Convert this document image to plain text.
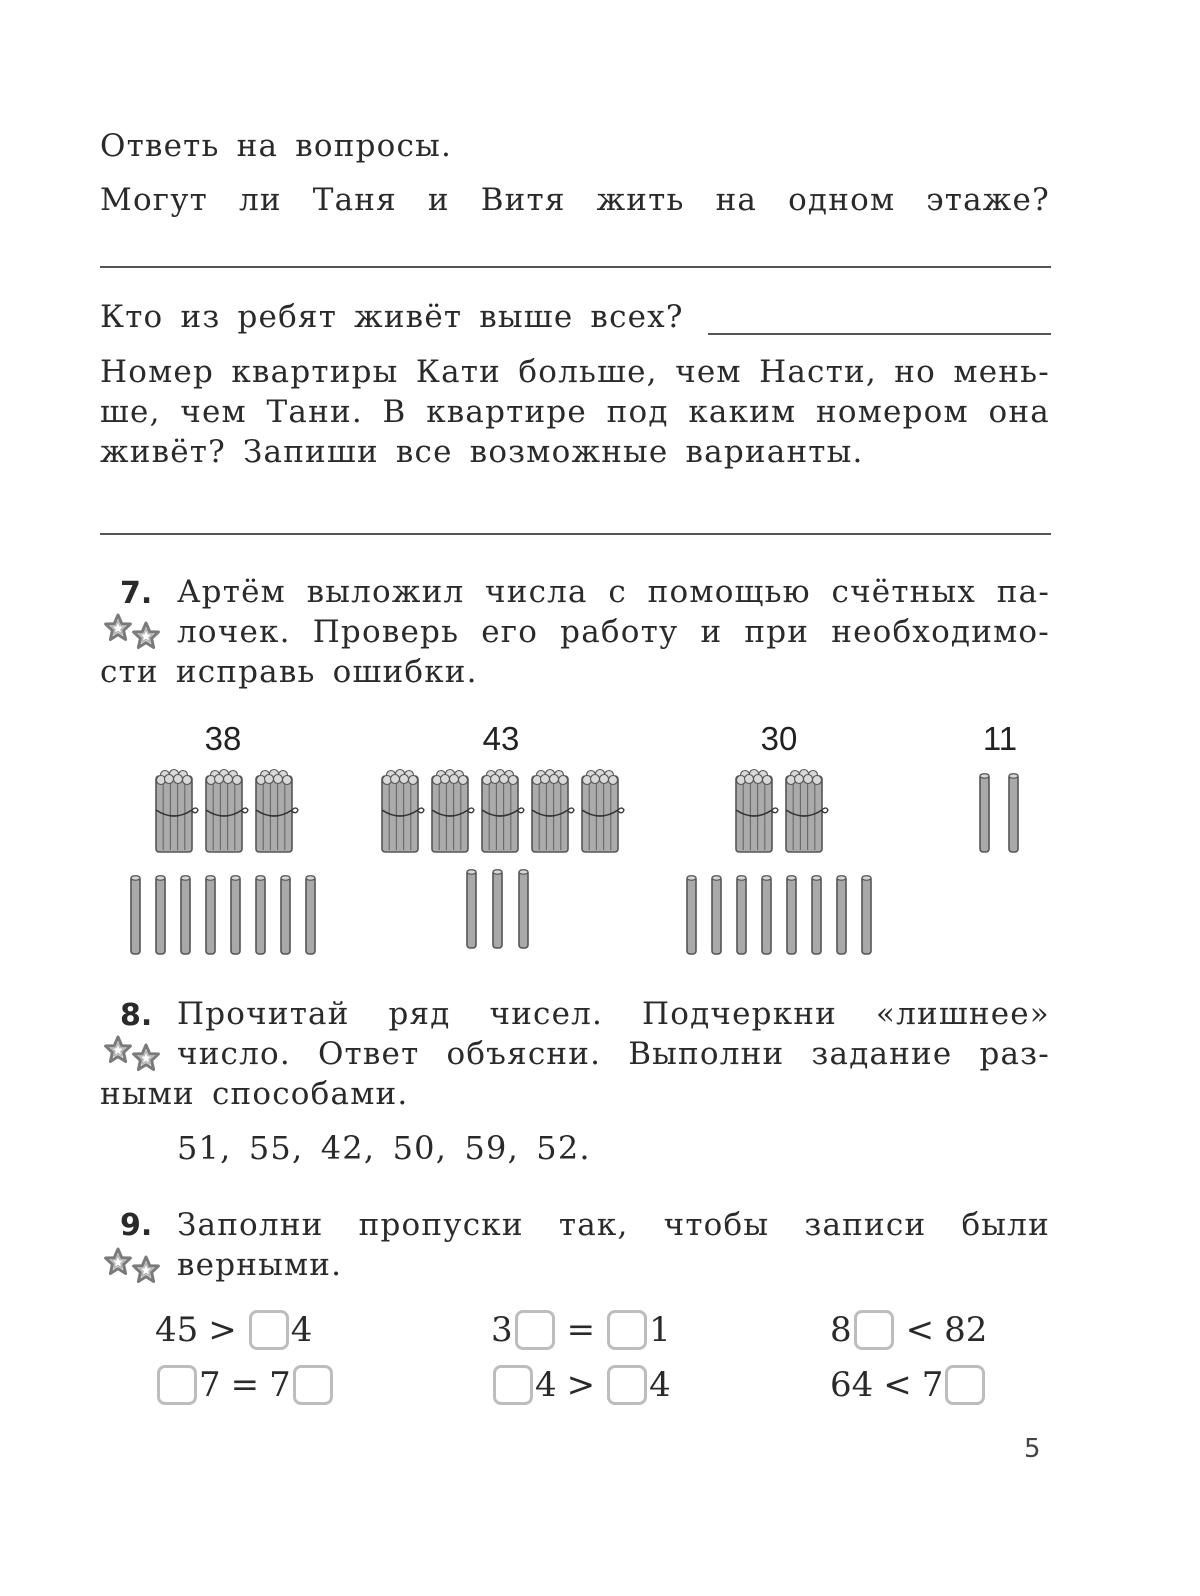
Ответь на вопросы.
Могут ли Таня и Витя жить на одном этаже?
Кто из ребят живёт выше всех?
Номер квартиры Кати больше, чем Насти, но мень-
ше, чем Тани. В квартире под каким номером она
живёт? Запиши все возможные варианты.
7. Артём выложил числа с помощью счётных па-
лочек. Проверь его работу и при необходимо-
сти исправь ошибки.
38	43	30	11
8. Прочитай ряд чисел. Подчеркни «лишнее»
число. Ответ объясни. Выполни задание раз-
ными способами.
51, 55, 42, 50, 59, 52.
9. Заполни пропуски так, чтобы записи были
верными.
45 > 4	3 = 1	8 < 82
7 = 7	4 > 4	64 < 7
5
